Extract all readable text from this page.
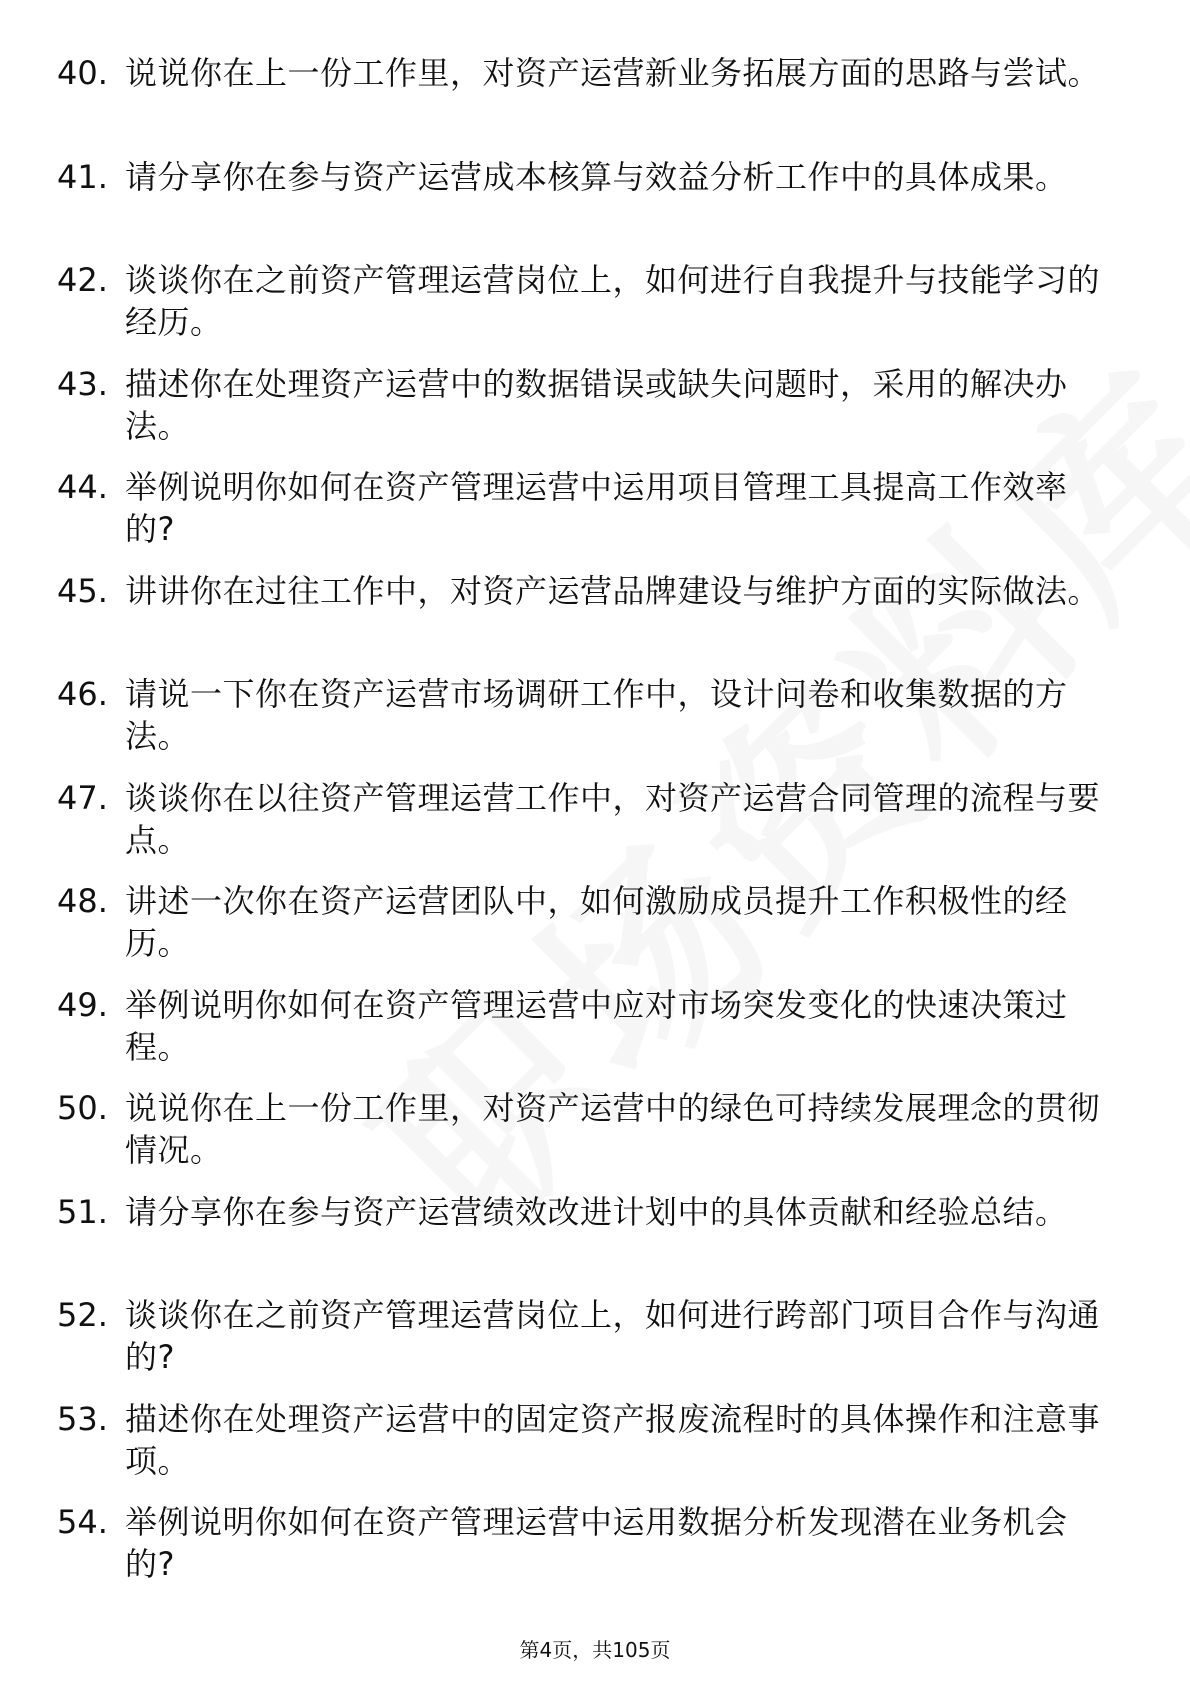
40. 说说你在上一份工作里，对资产运营新业务拓展方面的思路与尝试。
41. 请分享你在参与资产运营成本核算与效益分析工作中的具体成果。
42. 谈谈你在之前资产管理运营岗位上，如何进行自我提升与技能学习的经历。
43. 描述你在处理资产运营中的数据错误或缺失问题时，采用的解决办法。
44. 举例说明你如何在资产管理运营中运用项目管理工具提高工作效率的?
45. 讲讲你在过往工作中，对资产运营品牌建设与维护方面的实际做法。
46. 请说一下你在资产运营市场调研工作中，设计问卷和收集数据的方法。
47. 谈谈你在以往资产管理运营工作中，对资产运营合同管理的流程与要点。
48. 讲述一次你在资产运营团队中，如何激励成员提升工作积极性的经历。
49. 举例说明你如何在资产管理运营中应对市场突发变化的快速决策过程。
50. 说说你在上一份工作里，对资产运营中的绿色可持续发展理念的贯彻情况。
51. 请分享你在参与资产运营绩效改进计划中的具体贡献和经验总结。
52. 谈谈你在之前资产管理运营岗位上，如何进行跨部门项目合作与沟通的?
53. 描述你在处理资产运营中的固定资产报废流程时的具体操作和注意事项。
54. 举例说明你如何在资产管理运营中运用数据分析发现潜在业务机会的?
第4页，共105页
